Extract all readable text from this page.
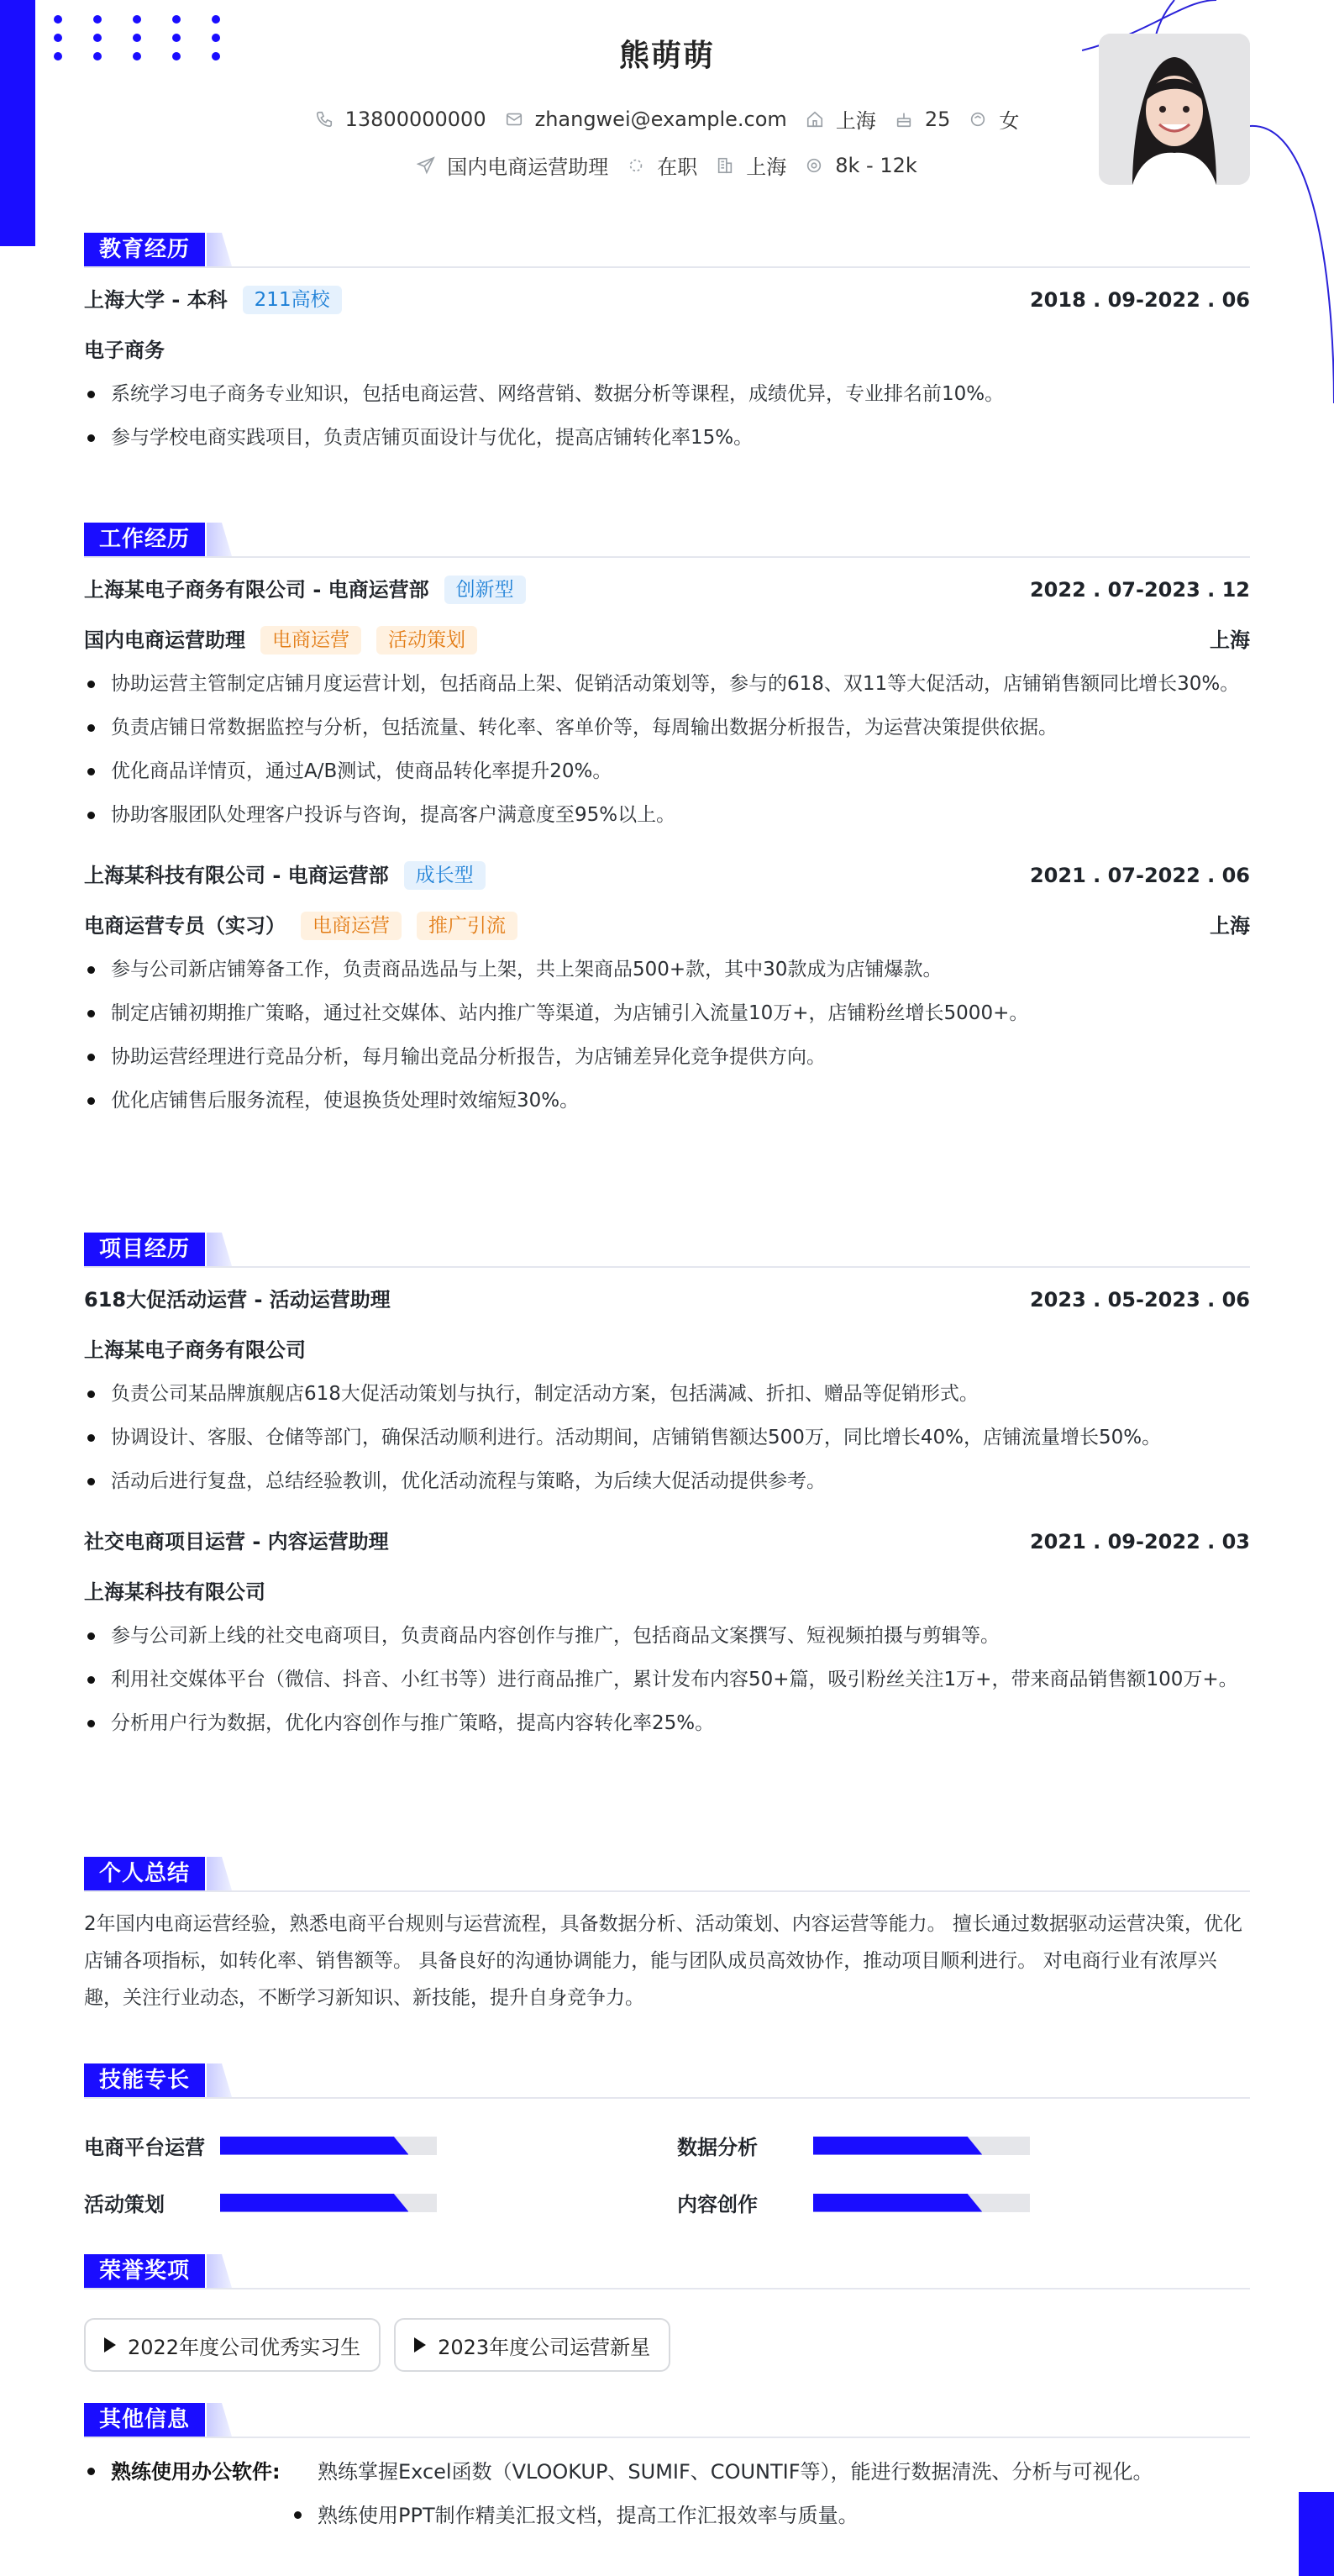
熊萌萌
13800000000 zhangwei@example.com 上海 25 女
国内电商运营助理 在职 上海 8k - 12k
教育经历
上海大学 - 本科	211高校	2018 . 09-2022 . 06
电子商务
系统学习电子商务专业知识，包括电商运营、网络营销、数据分析等课程，成绩优异，专业排名前10%。
参与学校电商实践项目，负责店铺页面设计与优化，提高店铺转化率15%。
工作经历
上海某电子商务有限公司 - 电商运营部	创新型	2022 . 07-2023 . 12
国内电商运营助理	电商运营	活动策划	上海
协助运营主管制定店铺月度运营计划，包括商品上架、促销活动策划等，参与的618、双11等大促活动，店铺销售额同比增长30%。
负责店铺日常数据监控与分析，包括流量、转化率、客单价等，每周输出数据分析报告，为运营决策提供依据。
优化商品详情页，通过A/B测试，使商品转化率提升20%。
协助客服团队处理客户投诉与咨询，提高客户满意度至95%以上。
上海某科技有限公司 - 电商运营部	成长型	2021 . 07-2022 . 06
电商运营专员（实习）	电商运营	推广引流	上海
参与公司新店铺筹备工作，负责商品选品与上架，共上架商品500+款，其中30款成为店铺爆款。
制定店铺初期推广策略，通过社交媒体、站内推广等渠道，为店铺引入流量10万+，店铺粉丝增长5000+。
协助运营经理进行竞品分析，每月输出竞品分析报告，为店铺差异化竞争提供方向。
优化店铺售后服务流程，使退换货处理时效缩短30%。
项目经历
618大促活动运营 - 活动运营助理	2023 . 05-2023 . 06
上海某电子商务有限公司
负责公司某品牌旗舰店618大促活动策划与执行，制定活动方案，包括满减、折扣、赠品等促销形式。
协调设计、客服、仓储等部门，确保活动顺利进行。活动期间，店铺销售额达500万，同比增长40%，店铺流量增长50%。
活动后进行复盘，总结经验教训，优化活动流程与策略，为后续大促活动提供参考。
社交电商项目运营 - 内容运营助理	2021 . 09-2022 . 03
上海某科技有限公司
参与公司新上线的社交电商项目，负责商品内容创作与推广，包括商品文案撰写、短视频拍摄与剪辑等。
利用社交媒体平台（微信、抖音、小红书等）进行商品推广，累计发布内容50+篇，吸引粉丝关注1万+，带来商品销售额100万+。
分析用户行为数据，优化内容创作与推广策略，提高内容转化率25%。
个人总结

2年国内电商运营经验，熟悉电商平台规则与运营流程，具备数据分析、活动策划、内容运营等能力。 擅长通过数据驱动运营决策，优化店铺各项指标，如转化率、销售额等。 具备良好的沟通协调能力，能与团队成员高效协作，推动项目顺利进行。 对电商行业有浓厚兴趣，关注行业动态，不断学习新知识、新技能，提升自身竞争力。

技能专长
电商平台运营	数据分析
活动策划	内容创作
荣誉奖项
2022年度公司优秀实习生	2023年度公司运营新星
其他信息
熟练使用办公软件: 熟练掌握Excel函数（VLOOKUP、SUMIF、COUNTIF等），能进行数据清洗、分析与可视化。
熟练使用PPT制作精美汇报文档，提高工作汇报效率与质量。
